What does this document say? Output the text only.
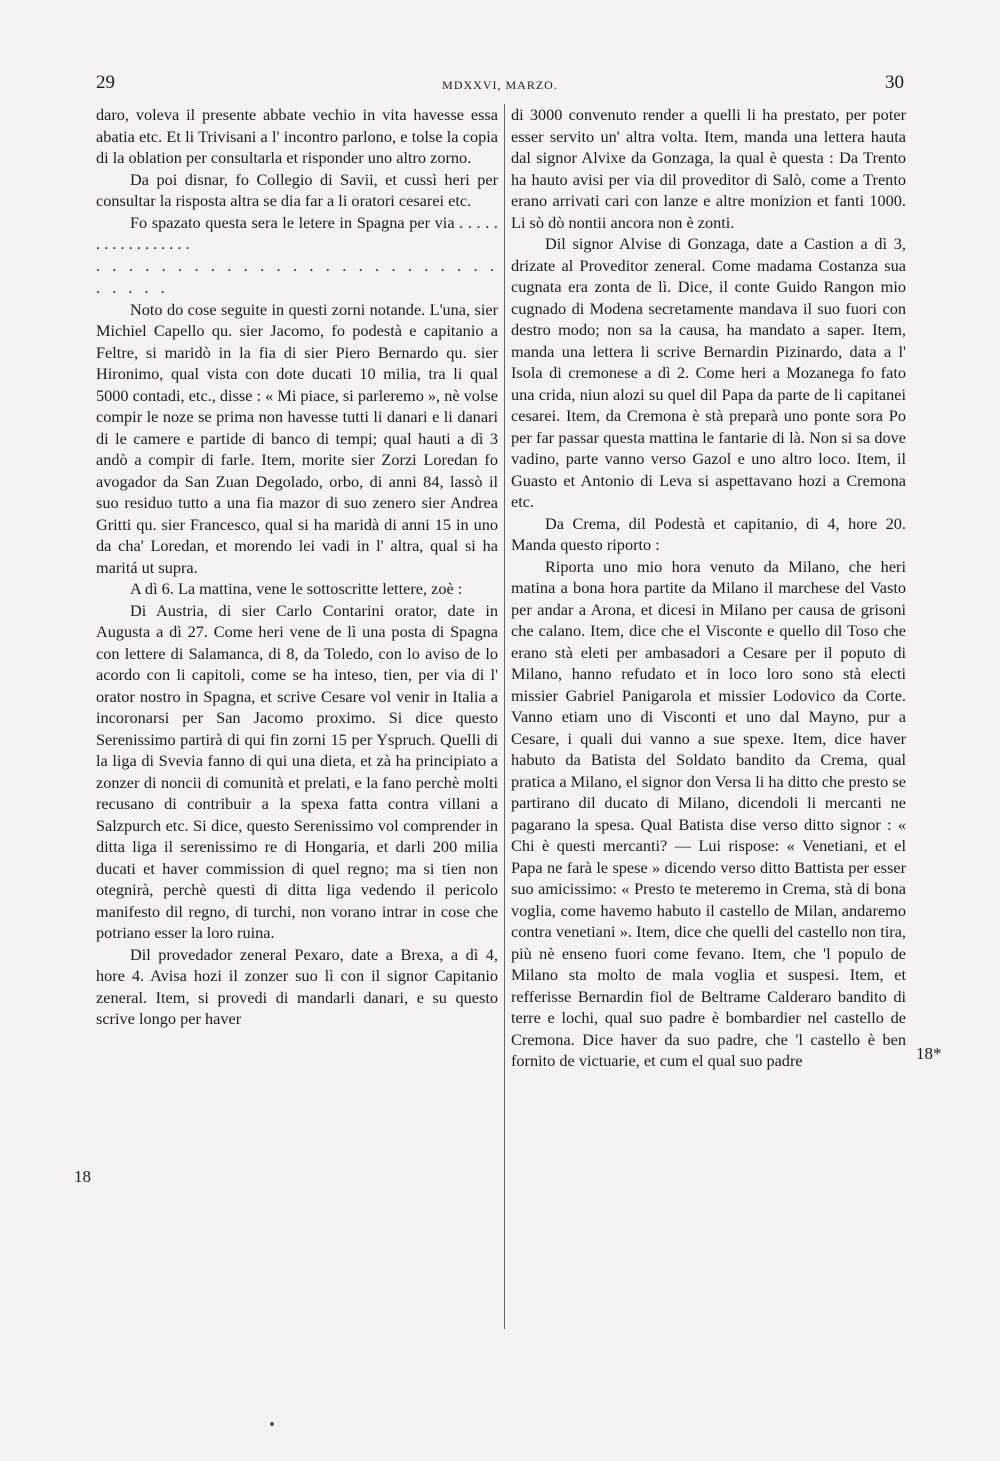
29	MDXXVI, MARZO.	30

daro, voleva il presente abbate vechio in vita havesse essa abatia etc. Et li Trivisani a l' incontro parlono, e tolse la copia di la oblation per consultarla et risponder uno altro zorno.

Da poi disnar, fo Collegio di Savii, et cussì heri per consultar la risposta altra se dia far a li oratori cesarei etc.

Fo spazato questa sera le letere in Spagna per via . . . . . . . . . . . . . . . . .

. . . . . . . . . . . . . . . . . . . . . . . . . . . . . .

Noto do cose seguite in questi zorni notande. L'una, sier Michiel Capello qu. sier Jacomo, fo podestà e capitanio a Feltre, si maridò in la fia di sier Piero Bernardo qu. sier Hironimo, qual vista con dote ducati 10 milia, tra li qual 5000 contadi, etc., disse : « Mi piace, si parleremo », nè volse compir le noze se prima non havesse tutti li danari e li danari di le camere e partide di banco di tempi; qual hauti a dì 3 andò a compir di farle. Item, morite sier Zorzi Loredan fo avogador da San Zuan Degolado, orbo, di anni 84, lassò il suo residuo tutto a una fia mazor di suo zenero sier Andrea Gritti qu. sier Francesco, qual si ha maridà di anni 15 in uno da cha' Loredan, et morendo lei vadi in l' altra, qual si ha maritá ut supra.

A dì 6. La mattina, vene le sottoscritte lettere, zoè :

Di Austria, di sier Carlo Contarini orator, date in Augusta a dì 27. Come heri vene de lì una posta di Spagna con lettere di Salamanca, di 8, da Toledo, con lo aviso de lo acordo con li capitoli, come se ha inteso, tien, per via di l' orator nostro in Spagna, et scrive Cesare vol venir in Italia a incoronarsi per San Jacomo proximo. Si dice questo Serenissimo partirà di qui fin zorni 15 per Yspruch. Quelli di la liga di Svevia fanno di qui una dieta, et zà ha principiato a zonzer di noncii di comunità et prelati, e la fano perchè molti recusano di contribuir a la spexa fatta contra villani a Salzpurch etc. Si dice, questo Serenissimo vol comprender in ditta liga il serenissimo re di Hongaria, et darli 200 milia ducati et haver commission di quel regno; ma si tien non otegnirà, perchè questi di ditta liga vedendo il pericolo manifesto dil regno, di turchi, non vorano intrar in cose che potriano esser la loro ruina.

Dil provedador zeneral Pexaro, date a Brexa, a dì 4, hore 4. Avisa hozi il zonzer suo lì con il signor Capitanio zeneral. Item, si provedi di mandarli danari, e su questo scrive longo per haver

di 3000 convenuto render a quelli li ha prestato, per poter esser servito un' altra volta. Item, manda una lettera hauta dal signor Alvixe da Gonzaga, la qual è questa : Da Trento ha hauto avisi per via dil proveditor di Salò, come a Trento erano arrivati cari con lanze e altre monizion et fanti 1000. Li sò dò nontii ancora non è zonti.

Dil signor Alvise di Gonzaga, date a Castion a dì 3, drizate al Proveditor zeneral. Come madama Costanza sua cugnata era zonta de lì. Dice, il conte Guido Rangon mio cugnado di Modena secretamente mandava il suo fuori con destro modo; non sa la causa, ha mandato a saper. Item, manda una lettera li scrive Bernardin Pizinardo, data a l' Isola di cremonese a dì 2. Come heri a Mozanega fo fato una crida, niun alozi su quel dil Papa da parte de li capitanei cesarei. Item, da Cremona è stà preparà uno ponte sora Po per far passar questa mattina le fantarie di là. Non si sa dove vadino, parte vanno verso Gazol e uno altro loco. Item, il Guasto et Antonio di Leva si aspettavano hozi a Cremona etc.

Da Crema, dil Podestà et capitanio, di 4, hore 20. Manda questo riporto :

Riporta uno mio hora venuto da Milano, che heri matina a bona hora partite da Milano il marchese del Vasto per andar a Arona, et dicesi in Milano per causa de grisoni che calano. Item, dice che el Visconte e quello dil Toso che erano stà eleti per ambasadori a Cesare per il poputo di Milano, hanno refudato et in loco loro sono stà electi missier Gabriel Panigarola et missier Lodovico da Corte. Vanno etiam uno di Visconti et uno dal Mayno, pur a Cesare, i quali dui vanno a sue spexe. Item, dice haver habuto da Batista del Soldato bandito da Crema, qual pratica a Milano, el signor don Versa li ha ditto che presto se partirano dil ducato di Milano, dicendoli li mercanti ne pagarano la spesa. Qual Batista dise verso ditto signor : « Chi è questi mercanti? — Lui rispose: « Venetiani, et el Papa ne farà le spese » dicendo verso ditto Battista per esser suo amicissimo: « Presto te meteremo in Crema, stà di bona voglia, come havemo habuto il castello de Milan, andaremo contra venetiani ». Item, dice che quelli del castello non tira, più nè enseno fuori come fevano. Item, che 'l populo de Milano sta molto de mala voglia et suspesi. Item, et refferisse Bernardin fiol de Beltrame Calderaro bandito di terre e lochi, qual suo padre è bombardier nel castello de Cremona. Dice haver da suo padre, che 'l castello è ben fornito de victuarie, et cum el qual suo padre

18
18*
